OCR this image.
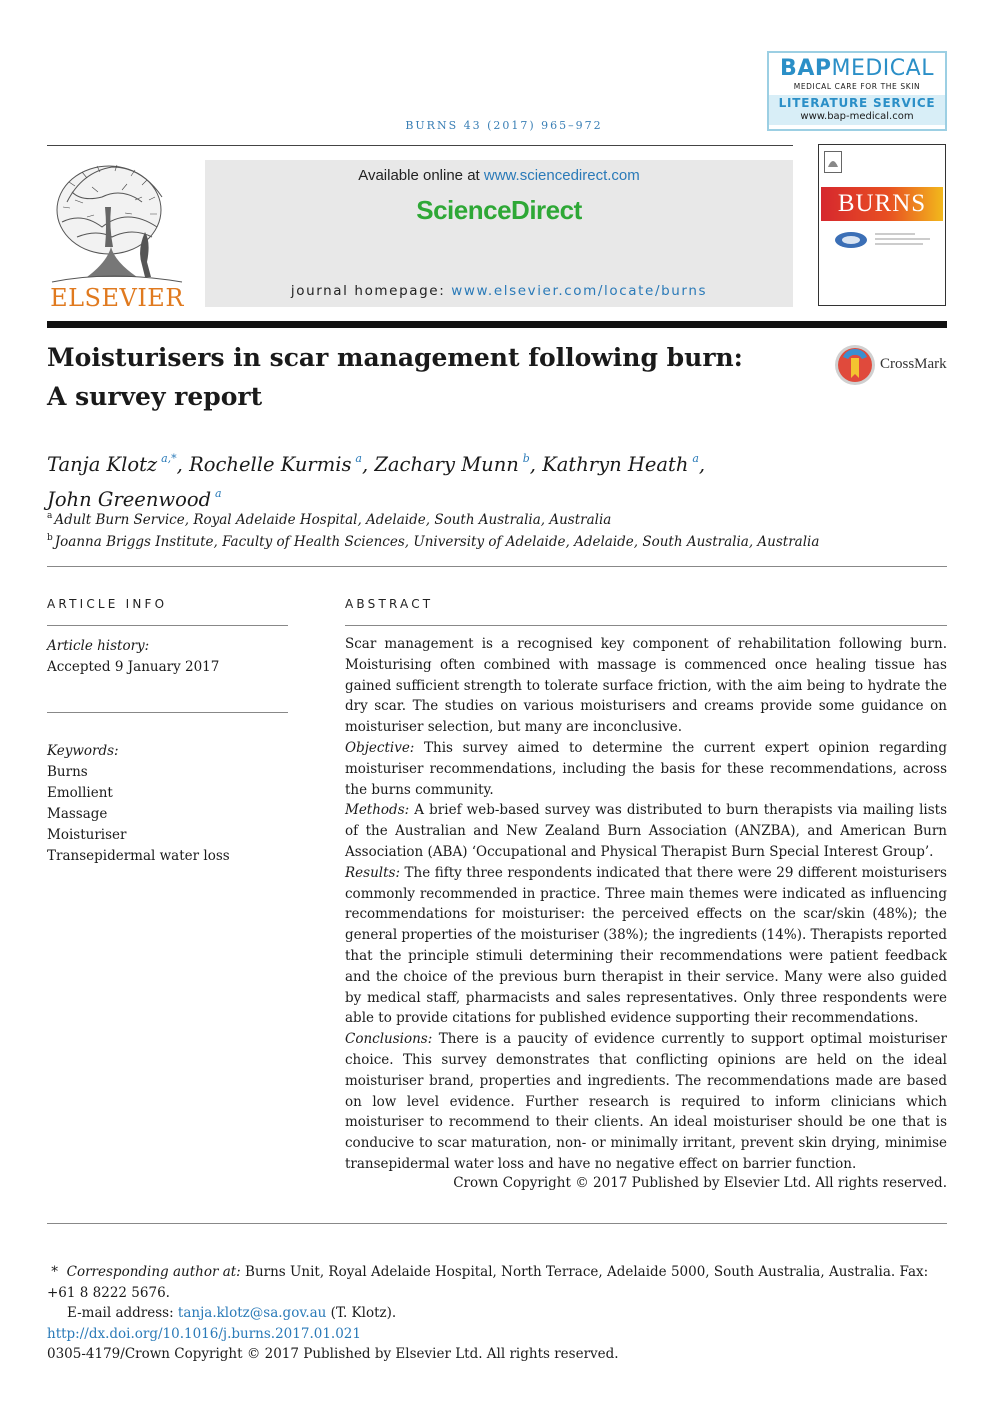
BAPMEDICAL
MEDICAL CARE FOR THE SKIN
LITERATURE SERVICE
www.bap-medical.com
BURNS 43 (2017) 965–972
ELSEVIER
Available online at www.sciencedirect.com
ScienceDirect
journal homepage: www.elsevier.com/locate/burns
BURNS
Moisturisers in scar management following burn:
A survey report
CrossMark
Tanja Klotz  $^{a,*}$, Rochelle Kurmis  $^a$, Zachary Munn  $^b$, Kathryn Heath  $^a$,
John Greenwood  $^a$
$^a$ Adult Burn Service, Royal Adelaide Hospital, Adelaide, South Australia, Australia
$^b$ Joanna Briggs Institute, Faculty of Health Sciences, University of Adelaide, Adelaide, South Australia, Australia
ARTICLE INFO	ABSTRACT
Article history:
Accepted 9 January 2017
Keywords:
Burns
Emollient
Massage
Moisturiser
Transepidermal water loss

Scar management is a recognised key component of rehabilitation following burn. Moisturising often combined with massage is commenced once healing tissue has gained sufficient strength to tolerate surface friction, with the aim being to hydrate the dry scar. The studies on various moisturisers and creams provide some guidance on moisturiser selection, but many are inconclusive.

Objective: This survey aimed to determine the current expert opinion regarding moisturiser recommendations, including the basis for these recommendations, across the burns community.

Methods: A brief web-based survey was distributed to burn therapists via mailing lists of the Australian and New Zealand Burn Association (ANZBA), and American Burn Association (ABA) ‘Occupational and Physical Therapist Burn Special Interest Group’.

Results: The fifty three respondents indicated that there were 29 different moisturisers commonly recommended in practice. Three main themes were indicated as influencing recommendations for moisturiser: the perceived effects on the scar/skin (48%); the general properties of the moisturiser (38%); the ingredients (14%). Therapists reported that the principle stimuli determining their recommendations were patient feedback and the choice of the previous burn therapist in their service. Many were also guided by medical staff, pharmacists and sales representatives. Only three respondents were able to provide citations for published evidence supporting their recommendations.

Conclusions: There is a paucity of evidence currently to support optimal moisturiser choice. This survey demonstrates that conflicting opinions are held on the ideal moisturiser brand, properties and ingredients. The recommendations made are based on low level evidence. Further research is required to inform clinicians which moisturiser to recommend to their clients. An ideal moisturiser should be one that is conducive to scar maturation, non- or minimally irritant, prevent skin drying, minimise transepidermal water loss and have no negative effect on barrier function.

Crown Copyright © 2017 Published by Elsevier Ltd. All rights reserved.

* Corresponding author at: Burns Unit, Royal Adelaide Hospital, North Terrace, Adelaide 5000, South Australia, Australia. Fax: +61 8 8222 5676.

E-mail address: tanja.klotz@sa.gov.au (T. Klotz).

http://dx.doi.org/10.1016/j.burns.2017.01.021

0305-4179/Crown Copyright © 2017 Published by Elsevier Ltd. All rights reserved.
